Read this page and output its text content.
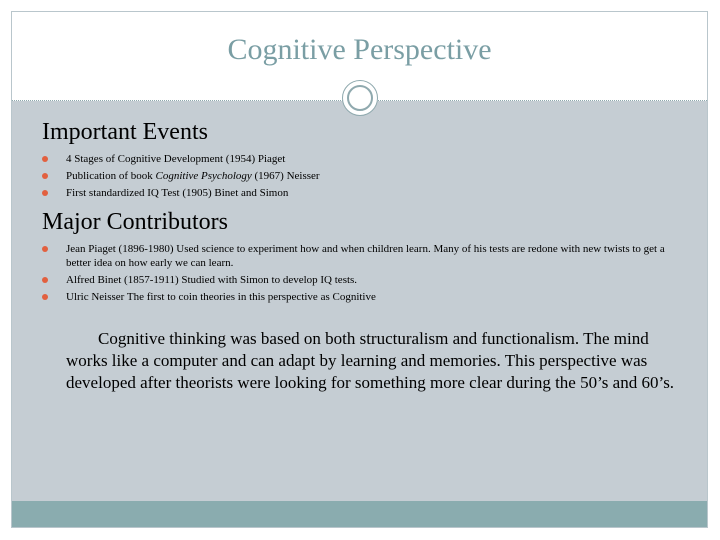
Cognitive Perspective
Important Events
4 Stages of Cognitive Development (1954) Piaget
Publication of book Cognitive Psychology (1967) Neisser
First standardized IQ Test (1905) Binet and Simon
Major Contributors
Jean Piaget (1896-1980) Used science to experiment how and when children learn. Many of his tests are redone with new twists to get a better idea on how early we can learn.
Alfred Binet (1857-1911) Studied with Simon to develop IQ tests.
Ulric Neisser The first to coin theories in this perspective as Cognitive
Cognitive thinking was based on both structuralism and functionalism. The mind works like a computer and can adapt by learning and memories. This perspective was developed after theorists were looking for something more clear during the 50’s and 60’s.
